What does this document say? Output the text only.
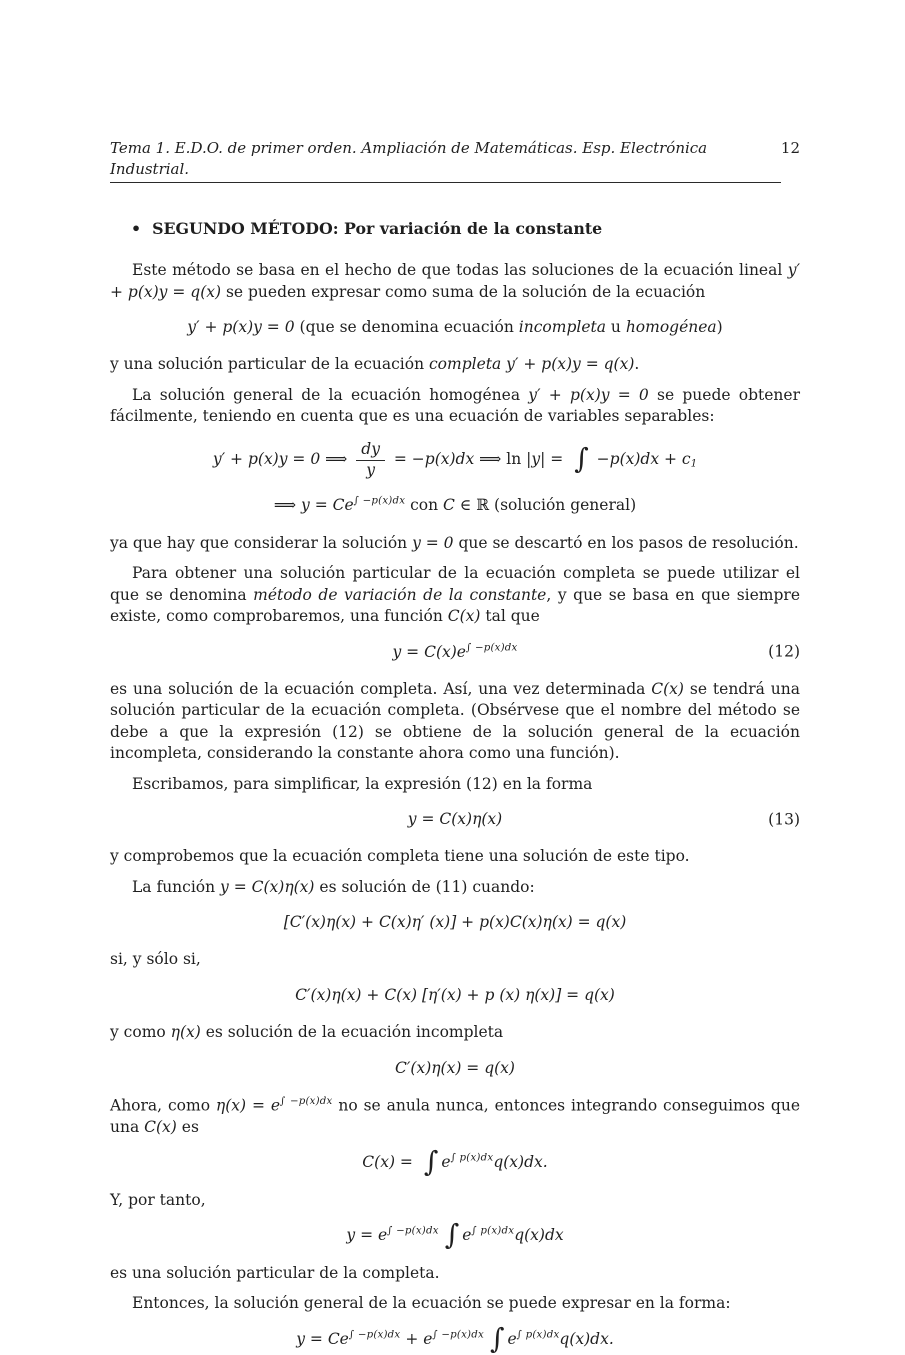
Tema 1. E.D.O. de primer orden. Ampliación de Matemáticas. Esp. Electrónica Industrial.
12
• SEGUNDO MÉTODO: Por variación de la constante
Este método se basa en el hecho de que todas las soluciones de la ecuación lineal y′ + p(x)y = q(x) se pueden expresar como suma de la solución de la ecuación
y′ + p(x)y = 0 (que se denomina ecuación incompleta u homogénea)
y una solución particular de la ecuación completa y′ + p(x)y = q(x).
La solución general de la ecuación homogénea y′ + p(x)y = 0 se puede obtener fácilmente, teniendo en cuenta que es una ecuación de variables separables:
y′ + p(x)y = 0 ⟹ $\frac{dy}{y} = -p(x)dx$ ⟹ ln |y| = ∫ $-p(x)dx + c_1$
⟹ $y = Ce^{\int -p(x)dx}$ con C ∈ ℝ (solución general)
ya que hay que considerar la solución y = 0 que se descartó en los pasos de resolución.
Para obtener una solución particular de la ecuación completa se puede utilizar el que se denomina método de variación de la constante, y que se basa en que siempre existe, como comprobaremos, una función C(x) tal que
$y = C(x)e^{\int -p(x)dx}$	(12)
es una solución de la ecuación completa. Así, una vez determinada C(x) se tendrá una solución particular de la ecuación completa. (Obsérvese que el nombre del método se debe a que la expresión (12) se obtiene de la solución general de la ecuación incompleta, considerando la constante ahora como una función).
Escribamos, para simplificar, la expresión (12) en la forma
y = C(x)η(x)	(13)
y comprobemos que la ecuación completa tiene una solución de este tipo.
La función y = C(x)η(x) es solución de (11) cuando:
[C′(x)η(x) + C(x)η′ (x)] + p(x)C(x)η(x) = q(x)
si, y sólo si,
C′(x)η(x) + C(x) [η′(x) + p (x) η(x)] = q(x)
y como η(x) es solución de la ecuación incompleta
C′(x)η(x) = q(x)
Ahora, como $\eta(x) = e^{\int -p(x)dx}$ no se anula nunca, entonces integrando conseguimos que una C(x) es
C(x) = ∫ $e^{\int p(x)dx}q(x)dx$.
Y, por tanto,
$y = e^{\int -p(x)dx}$ ∫ $e^{\int p(x)dx}q(x)dx$
es una solución particular de la completa.
Entonces, la solución general de la ecuación se puede expresar en la forma:
$y = Ce^{\int -p(x)dx} + e^{\int -p(x)dx}$ ∫ $e^{\int p(x)dx}q(x)dx$.
